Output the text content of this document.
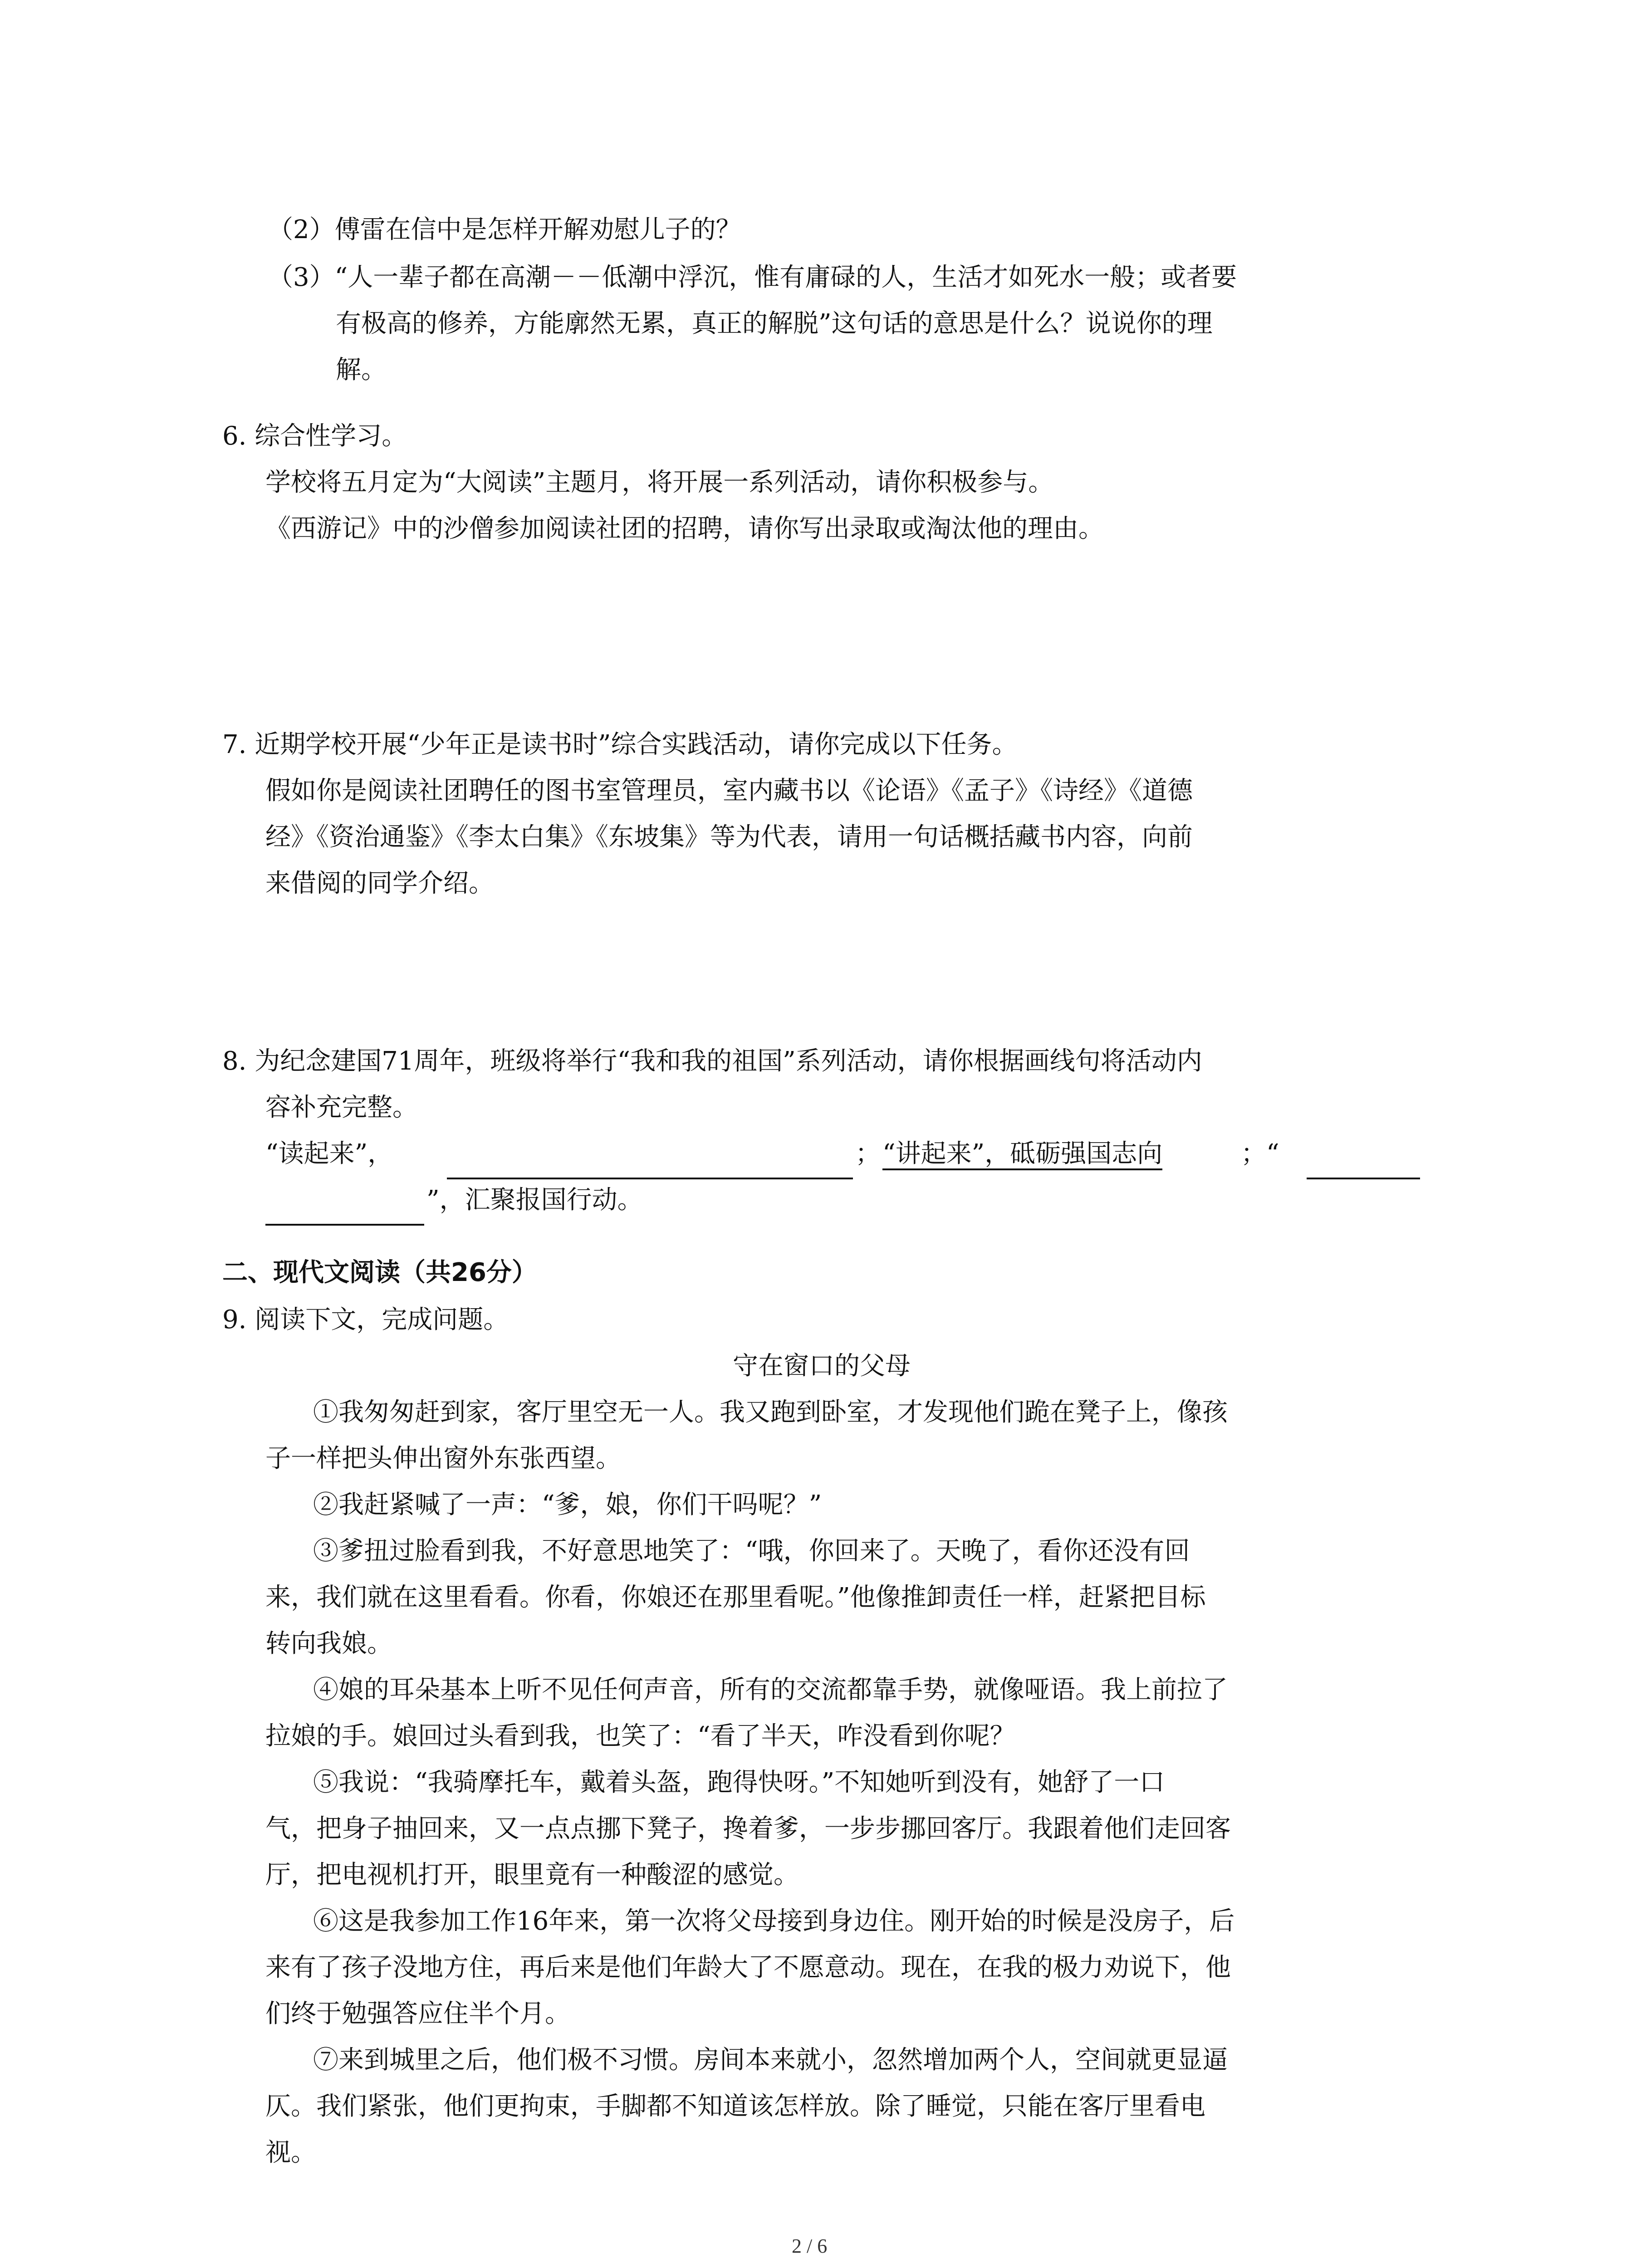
（2）傅雷在信中是怎样开解劝慰儿子的？
（3）“人一辈子都在高潮－－低潮中浮沉，惟有庸碌的人，生活才如死水一般；或者要
有极高的修养，方能廓然无累，真正的解脱”这句话的意思是什么？说说你的理
解。
6. 综合性学习。
学校将五月定为“大阅读”主题月，将开展一系列活动，请你积极参与。
《西游记》中的沙僧参加阅读社团的招聘，请你写出录取或淘汰他的理由。
7. 近期学校开展“少年正是读书时”综合实践活动，请你完成以下任务。
假如你是阅读社团聘任的图书室管理员，室内藏书以《论语》《孟子》《诗经》《道德
经》《资治通鉴》《李太白集》《东坡集》等为代表，请用一句话概括藏书内容，向前
来借阅的同学介绍。
8. 为纪念建国71周年，班级将举行“我和我的祖国”系列活动，请你根据画线句将活动内
容补充完整。
“读起来”，	； “讲起来”，砥砺强国志向	；“
”，汇聚报国行动。
二、现代文阅读（共26分）
9. 阅读下文，完成问题。
守在窗口的父母
①我匆匆赶到家，客厅里空无一人。我又跑到卧室，才发现他们跪在凳子上，像孩
子一样把头伸出窗外东张西望。
②我赶紧喊了一声：“爹，娘，你们干吗呢？”
③爹扭过脸看到我，不好意思地笑了：“哦，你回来了。天晚了，看你还没有回
来，我们就在这里看看。你看，你娘还在那里看呢。”他像推卸责任一样，赶紧把目标
转向我娘。
④娘的耳朵基本上听不见任何声音，所有的交流都靠手势，就像哑语。我上前拉了
拉娘的手。娘回过头看到我，也笑了：“看了半天，咋没看到你呢？
⑤我说：“我骑摩托车，戴着头盔，跑得快呀。”不知她听到没有，她舒了一口
气，把身子抽回来，又一点点挪下凳子，搀着爹，一步步挪回客厅。我跟着他们走回客
厅，把电视机打开，眼里竟有一种酸涩的感觉。
⑥这是我参加工作16年来，第一次将父母接到身边住。刚开始的时候是没房子，后
来有了孩子没地方住，再后来是他们年龄大了不愿意动。现在，在我的极力劝说下，他
们终于勉强答应住半个月。
⑦来到城里之后，他们极不习惯。房间本来就小，忽然增加两个人，空间就更显逼
仄。我们紧张，他们更拘束，手脚都不知道该怎样放。除了睡觉，只能在客厅里看电
视。
2 / 6
